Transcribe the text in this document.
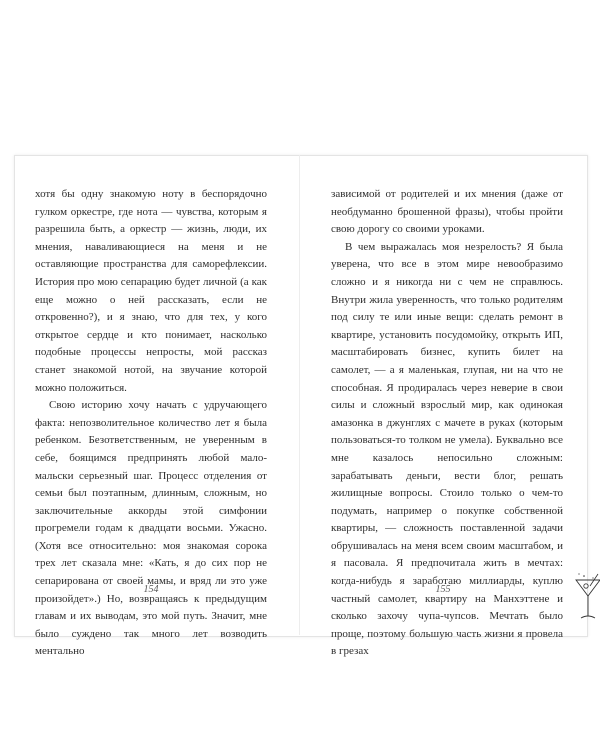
хотя бы одну знакомую ноту в беспорядочно гулком оркестре, где нота — чувства, которым я разрешила быть, а оркестр — жизнь, люди, их мнения, наваливающиеся на меня и не оставляющие пространства для саморефлексии. История про мою сепарацию будет личной (а как еще можно о ней рассказать, если не откровенно?), и я знаю, что для тех, у кого открытое сердце и кто понимает, насколько подобные процессы непросты, мой рассказ станет знакомой нотой, на звучание которой можно положиться.

Свою историю хочу начать с удручающего факта: непозволительное количество лет я была ребенком. Безответственным, не уверенным в себе, боящимся предпринять любой мало-мальски серьезный шаг. Процесс отделения от семьи был поэтапным, длинным, сложным, но заключительные аккорды этой симфонии прогремели годам к двадцати восьми. Ужасно. (Хотя все относительно: моя знакомая сорока трех лет сказала мне: «Кать, я до сих пор не сепарирована от своей мамы, и вряд ли это уже произойдет».) Но, возвращаясь к предыдущим главам и их выводам, это мой путь. Значит, мне было суждено так много лет возводить ментально

154

зависимой от родителей и их мнения (даже от необдуманно брошенной фразы), чтобы пройти свою дорогу со своими уроками.

В чем выражалась моя незрелость? Я была уверена, что все в этом мире невообразимо сложно и я никогда ни с чем не справлюсь. Внутри жила уверенность, что только родителям под силу те или иные вещи: сделать ремонт в квартире, установить посудомойку, открыть ИП, масштабировать бизнес, купить билет на самолет, — а я маленькая, глупая, ни на что не способная. Я продиралась через неверие в свои силы и сложный взрослый мир, как одинокая амазонка в джунглях с мачете в руках (которым пользоваться-то толком не умела). Буквально все мне казалось непосильно сложным: зарабатывать деньги, вести блог, решать жилищные вопросы. Стоило только о чем-то подумать, например о покупке собственной квартиры, — сложность поставленной задачи обрушивалась на меня всем своим масштабом, и я пасовала. Я предпочитала жить в мечтах: когда-нибудь я заработаю миллиарды, куплю частный самолет, квартиру на Манхэттене и сколько захочу чупа-чупсов. Мечтать было проще, поэтому большую часть жизни я провела в грезах

155
